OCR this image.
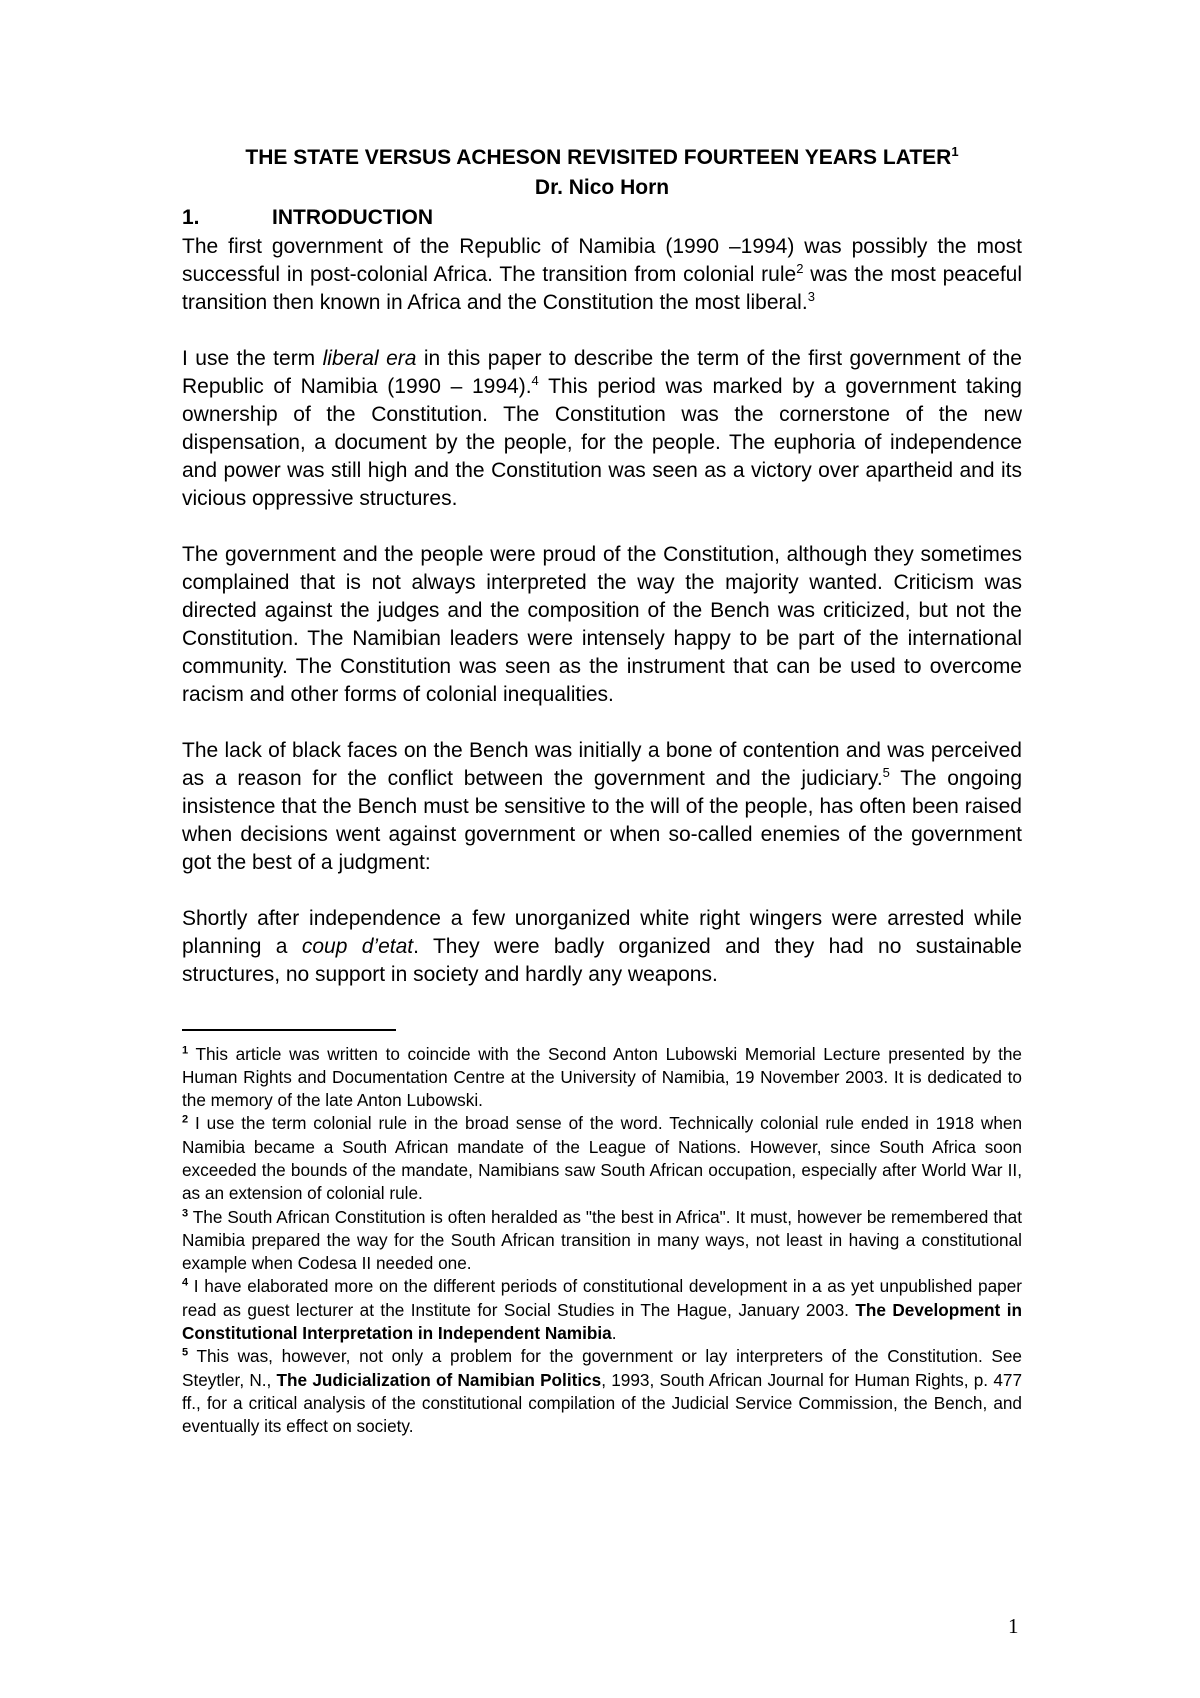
THE STATE VERSUS ACHESON REVISITED FOURTEEN YEARS LATER$^1$

Dr. Nico Horn

1.	INTRODUCTION

The first government of the Republic of Namibia (1990 –1994) was possibly the most successful in post-colonial Africa. The transition from colonial rule$^2$ was the most peaceful transition then known in Africa and the Constitution the most liberal.$^3$

I use the term liberal era in this paper to describe the term of the first government of the Republic of Namibia (1990 – 1994).$^4$ This period was marked by a government taking ownership of the Constitution. The Constitution was the cornerstone of the new dispensation, a document by the people, for the people. The euphoria of independence and power was still high and the Constitution was seen as a victory over apartheid and its vicious oppressive structures.

The government and the people were proud of the Constitution, although they sometimes complained that is not always interpreted the way the majority wanted. Criticism was directed against the judges and the composition of the Bench was criticized, but not the Constitution. The Namibian leaders were intensely happy to be part of the international community. The Constitution was seen as the instrument that can be used to overcome racism and other forms of colonial inequalities.

The lack of black faces on the Bench was initially a bone of contention and was perceived as a reason for the conflict between the government and the judiciary.$^5$ The ongoing insistence that the Bench must be sensitive to the will of the people, has often been raised when decisions went against government or when so-called enemies of the government got the best of a judgment:

Shortly after independence a few unorganized white right wingers were arrested while planning a coup d’etat. They were badly organized and they had no sustainable structures, no support in society and hardly any weapons.

$^1$ This article was written to coincide with the Second Anton Lubowski Memorial Lecture presented by the Human Rights and Documentation Centre at the University of Namibia, 19 November 2003. It is dedicated to the memory of the late Anton Lubowski.

$^2$ I use the term colonial rule in the broad sense of the word. Technically colonial rule ended in 1918 when Namibia became a South African mandate of the League of Nations. However, since South Africa soon exceeded the bounds of the mandate, Namibians saw South African occupation, especially after World War II, as an extension of colonial rule.

$^3$ The South African Constitution is often heralded as "the best in Africa". It must, however be remembered that Namibia prepared the way for the South African transition in many ways, not least in having a constitutional example when Codesa II needed one.

$^4$ I have elaborated more on the different periods of constitutional development in a as yet unpublished paper read as guest lecturer at the Institute for Social Studies in The Hague, January 2003. The Development in Constitutional Interpretation in Independent Namibia.

$^5$ This was, however, not only a problem for the government or lay interpreters of the Constitution. See Steytler, N., The Judicialization of Namibian Politics, 1993, South African Journal for Human Rights, p. 477 ff., for a critical analysis of the constitutional compilation of the Judicial Service Commission, the Bench, and eventually its effect on society.

1
